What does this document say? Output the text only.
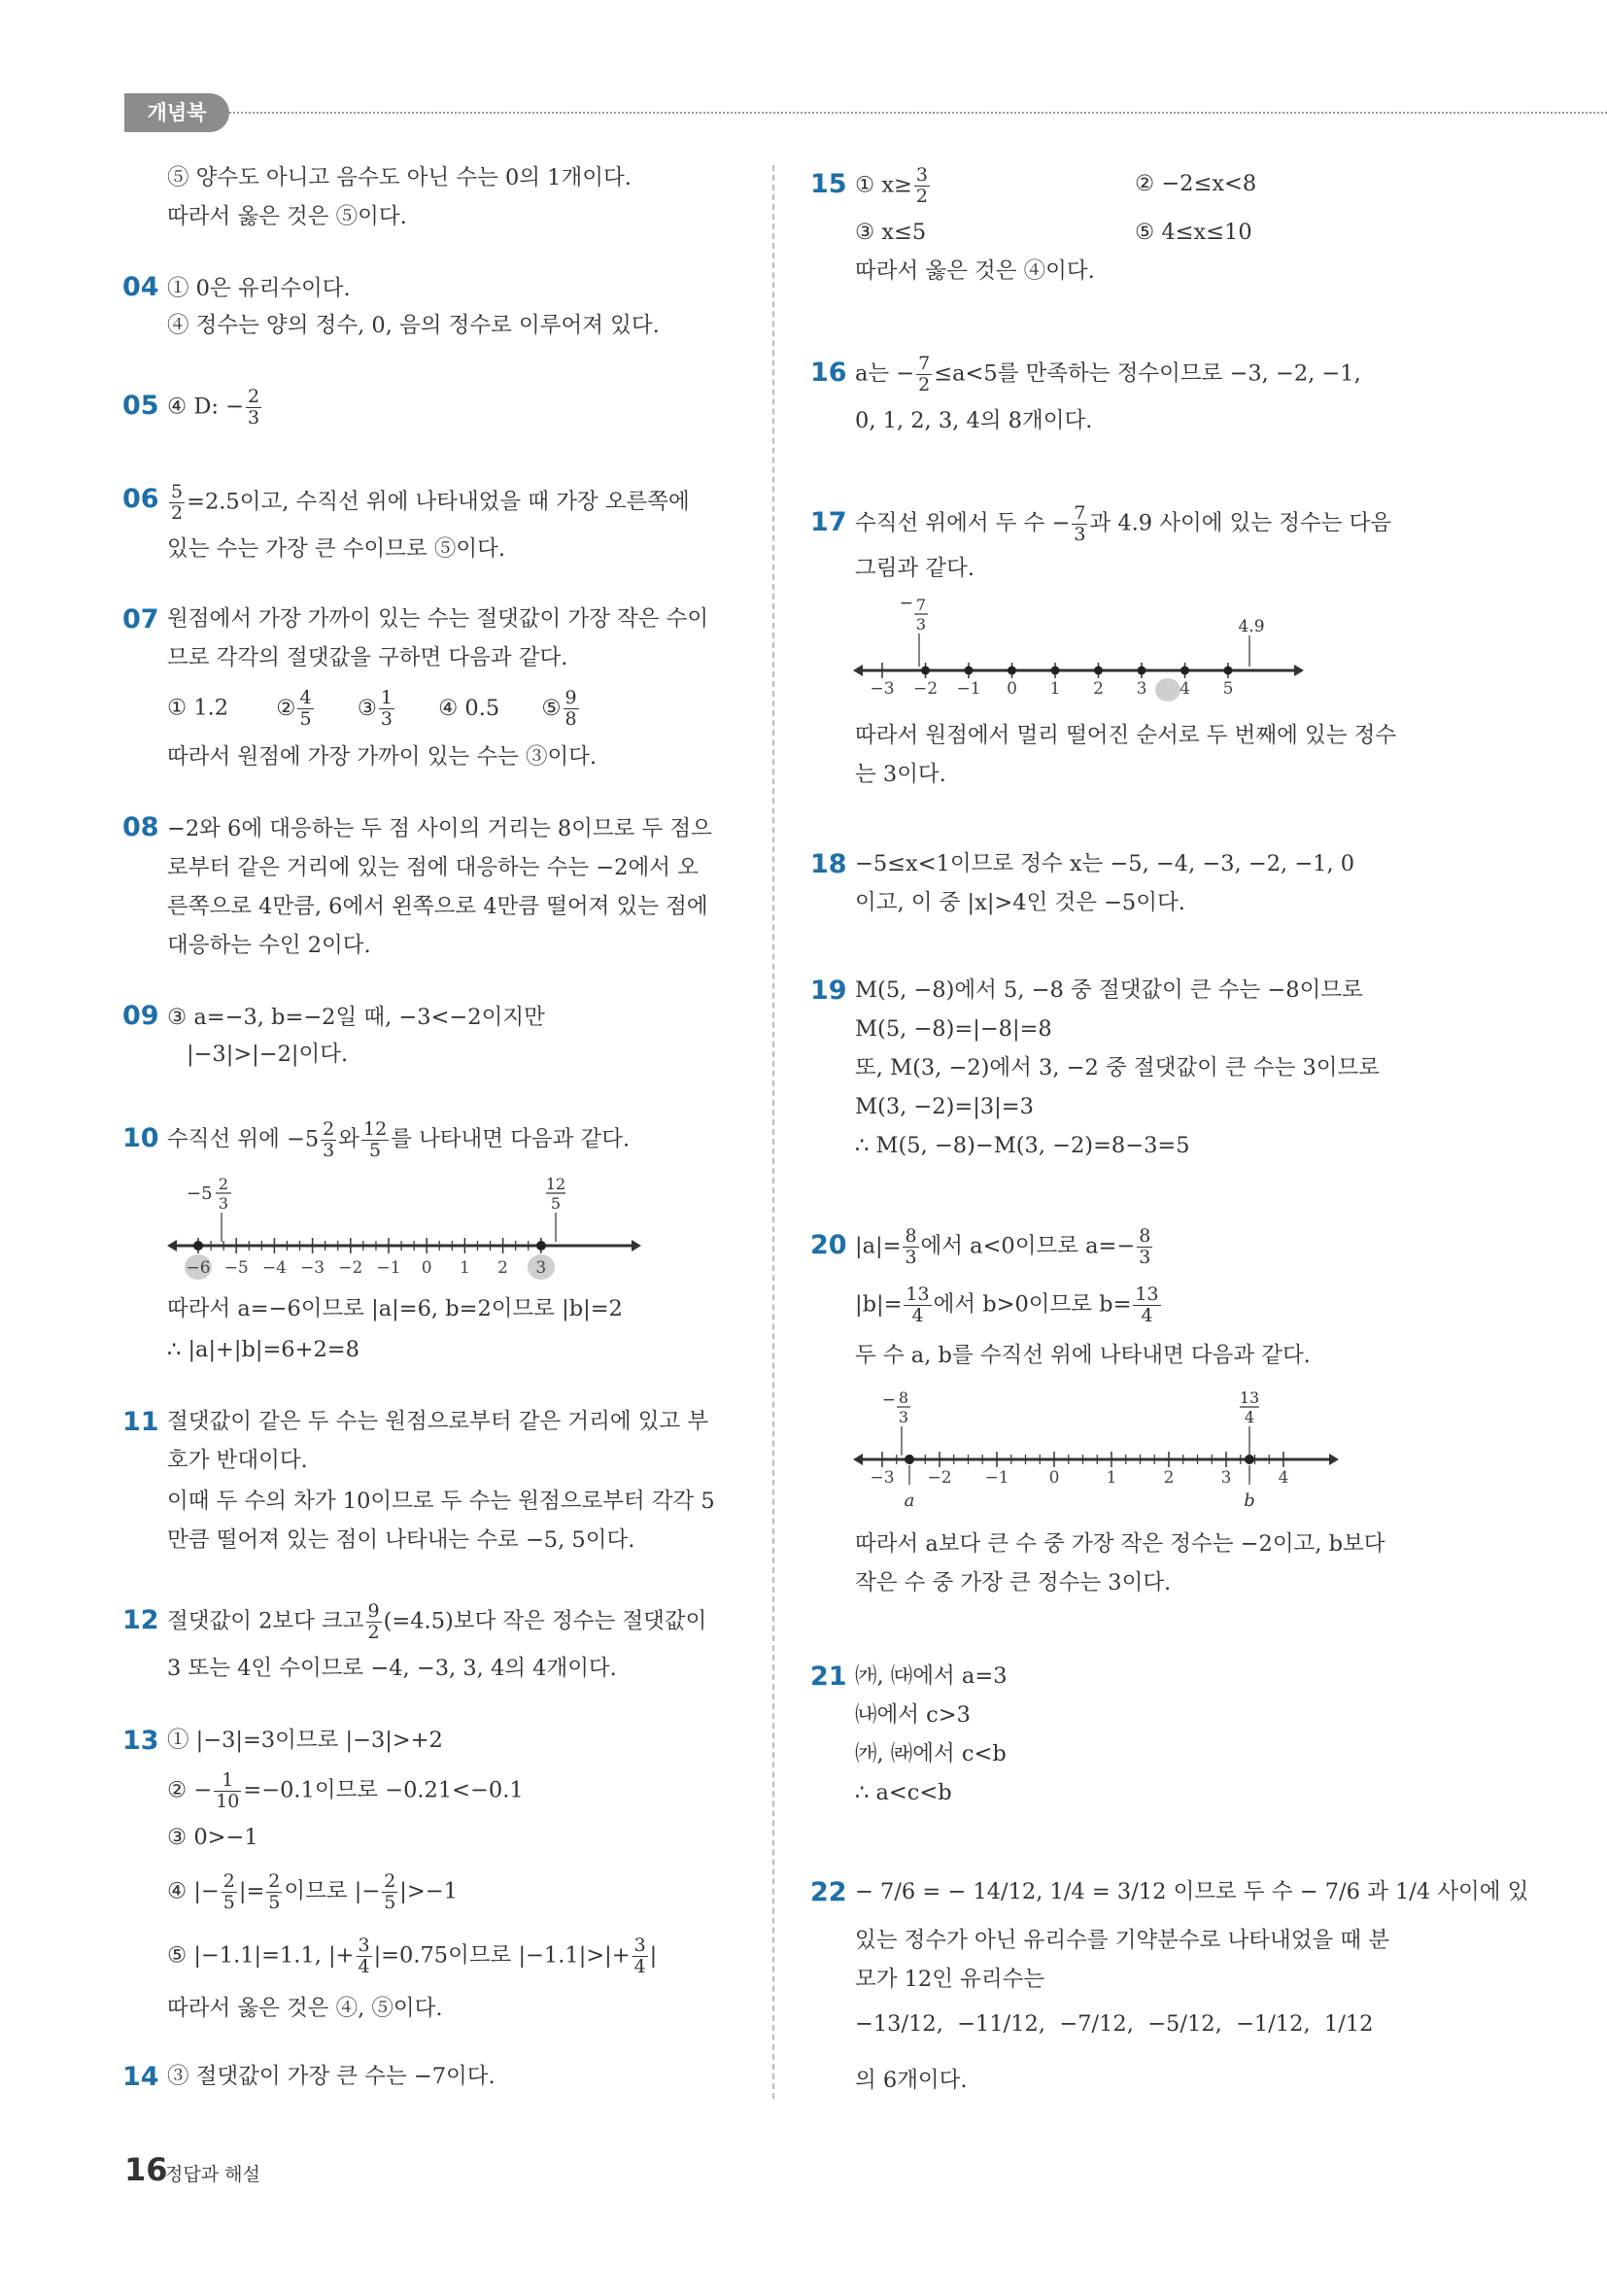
개념북
⑤ 양수도 아니고 음수도 아닌 수는 0의 1개이다.
따라서 옳은 것은 ⑤이다.
04 ① 0은 유리수이다.
④ 정수는 양의 정수, 0, 음의 정수로 이루어져 있다.
05 ④ D: − $\frac{2}{3}$
$06 \frac{5}{2} =2.5$이고, 수직선 위에 나타내었을 때 가장 오른쪽에
있는 수는 가장 큰 수이므로 ⑤이다.
07 원점에서 가장 가까이 있는 수는 절댓값이 가장 작은 수이
므로 각각의 절댓값을 구하면 다음과 같다.
① 1.2 ② $\frac{4}{5}$ ③ $\frac{1}{3}$ ④ 0.5 ⑤ $\frac{9}{8}$
따라서 원점에 가장 가까이 있는 수는 ③이다.
08 −2와 6에 대응하는 두 점 사이의 거리는 8이므로 두 점으
로부터 같은 거리에 있는 점에 대응하는 수는 −2에서 오
른쪽으로 4만큼, 6에서 왼쪽으로 4만큼 떨어져 있는 점에
대응하는 수인 2이다.
09 ③ a=−3, b=−2일 때, −3<−2이지만
|−3|>|−2|이다.
10 수직선 위에 $-5 \frac{2}{3}$ 와 $\frac{12}{5}$ 를 나타내면 다음과 같다.
−5 2
3
12
5
−6 −5 −4 −3 −2 −1 0 1 2 3
따라서 a=−6이므로 |a|=6, b=2이므로 |b|=2
∴ |a|+|b|=6+2=8
11 절댓값이 같은 두 수는 원점으로부터 같은 거리에 있고 부
호가 반대이다.
이때 두 수의 차가 10이므로 두 수는 원점으로부터 각각 5
만큼 떨어져 있는 점이 나타내는 수로 −5, 5이다.
12 절댓값이 2보다 크고 $\frac{9}{2} (=4.5)$보다 작은 정수는 절댓값이
3 또는 4인 수이므로 −4, −3, 3, 4의 4개이다.
13 ① |−3|=3이므로 |−3|>+2
② − $\frac{1}{10} =-0.1$이므로 −0.21<−0.1
③ 0>−1
④ |− $\frac{2}{5}$ |= $\frac{2}{5}$ 이므로 |− $\frac{2}{5} |>-1$
⑤ |−1.1|=1.1, |+ $\frac{3}{4} |=0.75$이므로 $|-1.1|>|+ \frac{3}{4}$ |
따라서 옳은 것은 ④, ⑤이다.
14 ③ 절댓값이 가장 큰 수는 −7이다.
15 ① $x\ge \frac{3}{2}$	② −2≤x<8
③ x≤5	⑤ 4≤x≤10
따라서 옳은 것은 ④이다.
16 a는 − $\frac{7}{2} \le a<5$를 만족하는 정수이므로 −3, −2, −1,
0, 1, 2, 3, 4의 8개이다.
17 수직선 위에서 두 수 − $\frac{7}{3}$ 과 4.9 사이에 있는 정수는 다음
그림과 같다.
− 7
3	4.9
−3 −2 −1 0 1 2 3 4 5
따라서 원점에서 멀리 떨어진 순서로 두 번째에 있는 정수
는 3이다.
18 −5≤x<1이므로 정수 x는 −5, −4, −3, −2, −1, 0
이고, 이 중 |x|>4인 것은 −5이다.
19 M(5, −8)에서 5, −8 중 절댓값이 큰 수는 −8이므로
M(5, −8)=|−8|=8
또, M(3, −2)에서 3, −2 중 절댓값이 큰 수는 3이므로
M(3, −2)=|3|=3
∴ M(5, −8)−M(3, −2)=8−3=5
20 $|a|= \frac{8}{3}$ 에서 a<0이므로 $a=- \frac{8}{3}$
$|b|= \frac{13}{4}$ 에서 b>0이므로 $b= \frac{13}{4}$
두 수 a, b를 수직선 위에 나타내면 다음과 같다.
− 8
3
13
4
−3 −2 −1 0	1	2	3	4
a	b
따라서 a보다 큰 수 중 가장 작은 정수는 −2이고, b보다
작은 수 중 가장 큰 정수는 3이다.
21 ㈎, ㈐에서 a=3
㈏에서 c>3
㈎, ㈑에서 c<b
∴ a<c<b
22 − 7/6 = − 14/12, 1/4 = 3/12 이므로 두 수 − 7/6 과 1/4 사이에 있
있는 정수가 아닌 유리수를 기약분수로 나타내었을 때 분
모가 12인 유리수는
−13/12,  −11/12,  −7/12,  −5/12,  −1/12,  1/12
의 6개이다.
16
정답과 해설
